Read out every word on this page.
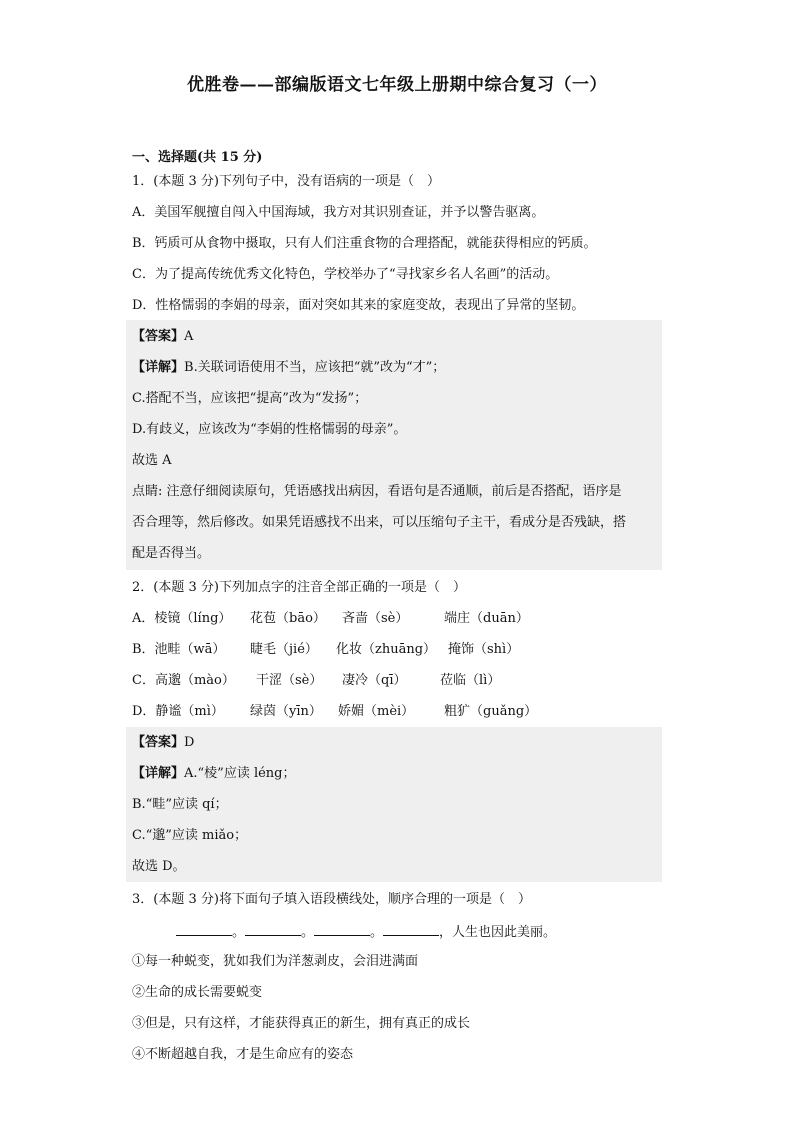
优胜卷——部编版语文七年级上册期中综合复习（一）
一、选择题(共 15 分)
1．(本题 3 分)下列句子中，没有语病的一项是（　）
A．美国军舰擅自闯入中国海域，我方对其识别查证，并予以警告驱离。
B．钙质可从食物中摄取，只有人们注重食物的合理搭配，就能获得相应的钙质。
C．为了提高传统优秀文化特色，学校举办了“寻找家乡名人名画”的活动。
D．性格懦弱的李娟的母亲，面对突如其来的家庭变故，表现出了异常的坚韧。
【答案】A
【详解】B.关联词语使用不当，应该把“就”改为“才”；
C.搭配不当，应该把“提高”改为“发扬”；
D.有歧义，应该改为“李娟的性格懦弱的母亲”。
故选 A
点睛: 注意仔细阅读原句，凭语感找出病因，看语句是否通顺，前后是否搭配，语序是
否合理等，然后修改。如果凭语感找不出来，可以压缩句子主干，看成分是否残缺，搭
配是否得当。
2．(本题 3 分)下列加点字的注音全部正确的一项是（　）
A．棱镜（líng） 花苞（bāo） 吝啬（sè）	端庄（duān）
B．池畦（wā） 睫毛（jié） 化妆（zhuāng） 掩饰（shì）
C．高邈（mào） 干涩（sè） 凄冷（qī）	莅临（lì）
D．静谧（mì） 绿茵（yīn） 娇媚（mèi） 粗犷（guǎng）
【答案】D
【详解】A.“棱”应读 léng；
B.“畦”应读 qí；
C.“邈”应读 miǎo；
故选 D。
3．(本题 3 分)将下面句子填入语段横线处，顺序合理的一项是（　）
。	。	。	，人生也因此美丽。
①每一种蜕变，犹如我们为洋葱剥皮，会泪进满面
②生命的成长需要蜕变
③但是，只有这样，才能获得真正的新生，拥有真正的成长
④不断超越自我，才是生命应有的姿态
